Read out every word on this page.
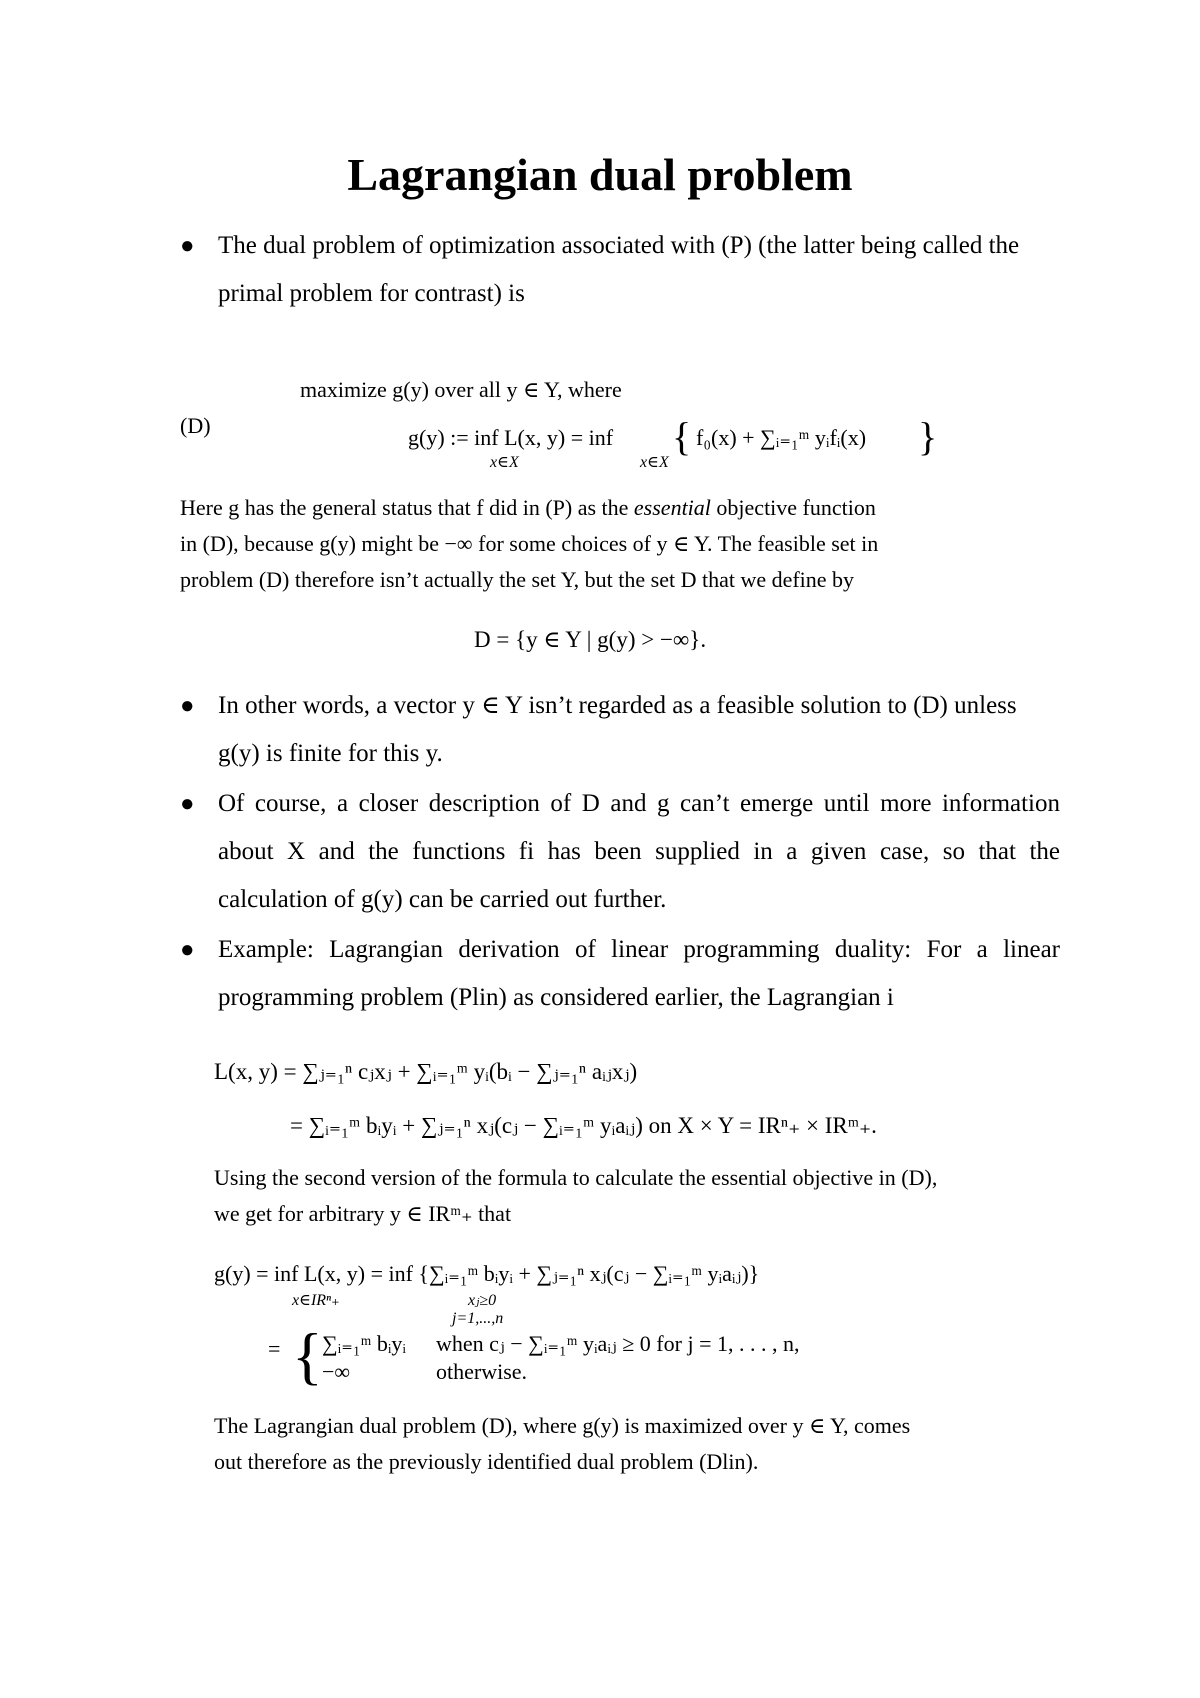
Lagrangian dual problem
● The dual problem of optimization associated with (P) (the latter being called the primal problem for contrast) is
(D)
maximize g(y) over all y ∈ Y, where
g(y) := inf L(x, y) = inf { f₀(x) + ∑ᵢ₌₁ᵐ yᵢfᵢ(x) }
x∈X	x∈X
Here g has the general status that f did in (P) as the essential objective function
in (D), because g(y) might be −∞ for some choices of y ∈ Y. The feasible set in
problem (D) therefore isn’t actually the set Y, but the set D that we define by
D = {y ∈ Y | g(y) > −∞}.
● In other words, a vector y ∈ Y isn’t regarded as a feasible solution to (D) unless g(y) is finite for this y.
● Of course, a closer description of D and g can’t emerge until more information about X and the functions fi has been supplied in a given case, so that the calculation of g(y) can be carried out further.
● Example: Lagrangian derivation of linear programming duality: For a linear programming problem (Plin) as considered earlier, the Lagrangian i
L(x, y) = ∑ⱼ₌₁ⁿ cⱼxⱼ + ∑ᵢ₌₁ᵐ yᵢ(bᵢ − ∑ⱼ₌₁ⁿ aᵢⱼxⱼ)
= ∑ᵢ₌₁ᵐ bᵢyᵢ + ∑ⱼ₌₁ⁿ xⱼ(cⱼ − ∑ᵢ₌₁ᵐ yᵢaᵢⱼ) on X × Y = IRⁿ₊ × IRᵐ₊.
Using the second version of the formula to calculate the essential objective in (D),
we get for arbitrary y ∈ IRᵐ₊ that
g(y) = inf L(x, y) = inf {∑ᵢ₌₁ᵐ bᵢyᵢ + ∑ⱼ₌₁ⁿ xⱼ(cⱼ − ∑ᵢ₌₁ᵐ yᵢaᵢⱼ)}
x∈IRⁿ₊	xⱼ≥0
j=1,...,n
= { ∑ᵢ₌₁ᵐ bᵢyᵢ when cⱼ − ∑ᵢ₌₁ᵐ yᵢaᵢⱼ ≥ 0 for j = 1, . . . , n,
−∞	otherwise.
The Lagrangian dual problem (D), where g(y) is maximized over y ∈ Y, comes
out therefore as the previously identified dual problem (Dlin).
